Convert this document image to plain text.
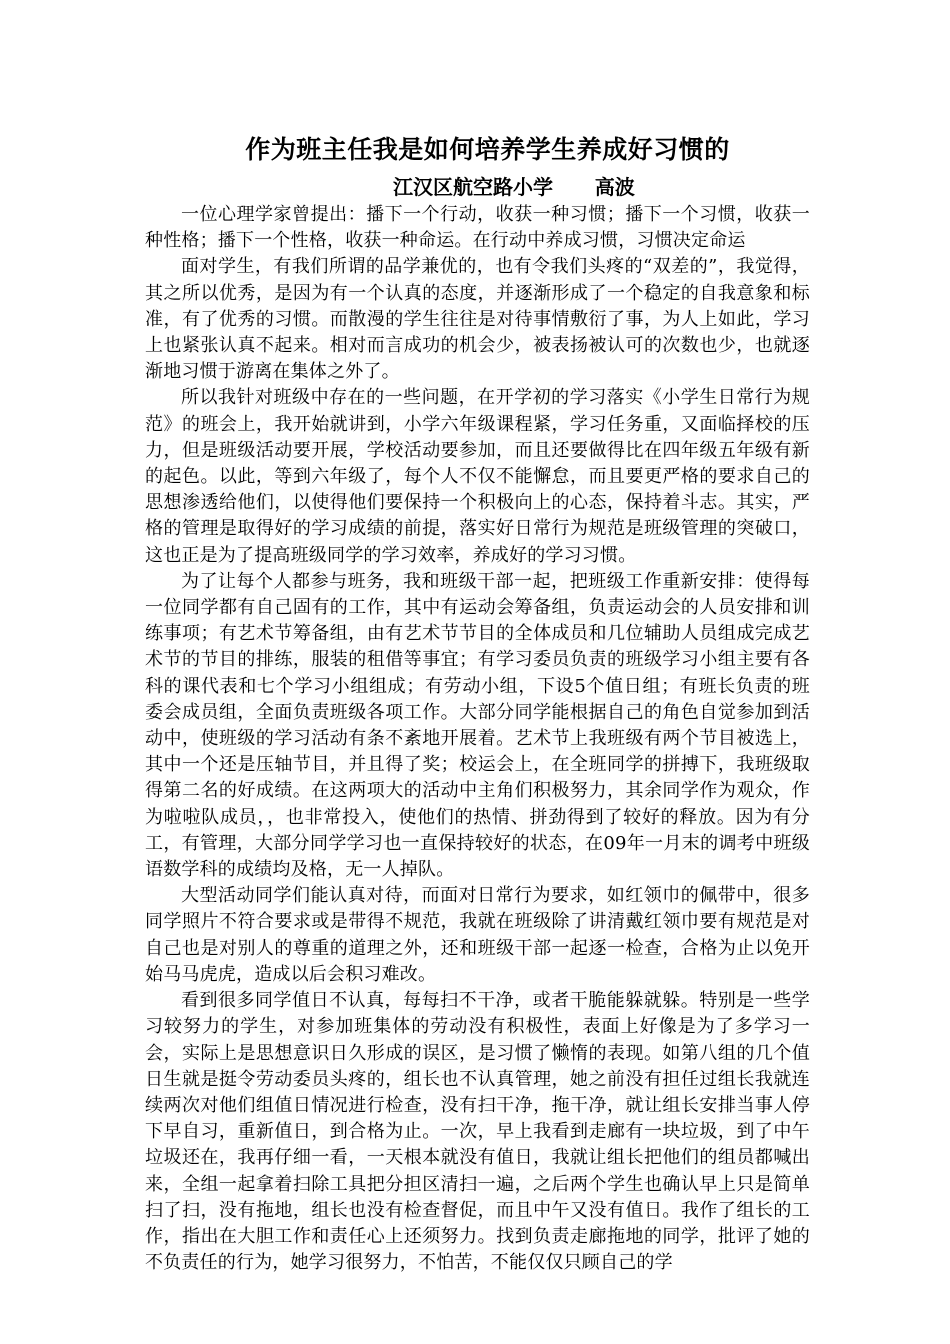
作为班主任我是如何培养学生养成好习惯的
江汉区航空路小学      高波

一位心理学家曾提出：播下一个行动，收获一种习惯；播下一个习惯，收获一种性格；播下一个性格，收获一种命运。在行动中养成习惯，习惯决定命运

面对学生，有我们所谓的品学兼优的，也有令我们头疼的“双差的”，我觉得，其之所以优秀，是因为有一个认真的态度，并逐渐形成了一个稳定的自我意象和标准，有了优秀的习惯。而散漫的学生往往是对待事情敷衍了事，为人上如此，学习上也紧张认真不起来。相对而言成功的机会少，被表扬被认可的次数也少，也就逐渐地习惯于游离在集体之外了。

所以我针对班级中存在的一些问题，在开学初的学习落实《小学生日常行为规范》的班会上，我开始就讲到，小学六年级课程紧，学习任务重，又面临择校的压力，但是班级活动要开展，学校活动要参加，而且还要做得比在四年级五年级有新的起色。以此，等到六年级了，每个人不仅不能懈怠，而且要更严格的要求自己的思想渗透给他们，以使得他们要保持一个积极向上的心态，保持着斗志。其实，严格的管理是取得好的学习成绩的前提，落实好日常行为规范是班级管理的突破口，这也正是为了提高班级同学的学习效率，养成好的学习习惯。

为了让每个人都参与班务，我和班级干部一起，把班级工作重新安排：使得每一位同学都有自己固有的工作，其中有运动会筹备组，负责运动会的人员安排和训练事项；有艺术节筹备组，由有艺术节节目的全体成员和几位辅助人员组成完成艺术节的节目的排练，服装的租借等事宜；有学习委员负责的班级学习小组主要有各科的课代表和七个学习小组组成；有劳动小组，下设5个值日组；有班长负责的班委会成员组，全面负责班级各项工作。大部分同学能根据自己的角色自觉参加到活动中，使班级的学习活动有条不紊地开展着。艺术节上我班级有两个节目被选上，其中一个还是压轴节目，并且得了奖；校运会上，在全班同学的拼搏下，我班级取得第二名的好成绩。在这两项大的活动中主角们积极努力，其余同学作为观众，作为啦啦队成员，，也非常投入，使他们的热情、拼劲得到了较好的释放。因为有分工，有管理，大部分同学学习也一直保持较好的状态，在09年一月末的调考中班级语数学科的成绩均及格，无一人掉队。

大型活动同学们能认真对待，而面对日常行为要求，如红领巾的佩带中，很多同学照片不符合要求或是带得不规范，我就在班级除了讲清戴红领巾要有规范是对自己也是对别人的尊重的道理之外，还和班级干部一起逐一检查，合格为止以免开始马马虎虎，造成以后会积习难改。

看到很多同学值日不认真，每每扫不干净，或者干脆能躲就躲。特别是一些学习较努力的学生，对参加班集体的劳动没有积极性，表面上好像是为了多学习一会，实际上是思想意识日久形成的误区，是习惯了懒惰的表现。如第八组的几个值日生就是挺令劳动委员头疼的，组长也不认真管理，她之前没有担任过组长我就连续两次对他们组值日情况进行检查，没有扫干净，拖干净，就让组长安排当事人停下早自习，重新值日，到合格为止。一次，早上我看到走廊有一块垃圾，到了中午垃圾还在，我再仔细一看，一天根本就没有值日，我就让组长把他们的组员都喊出来，全组一起拿着扫除工具把分担区清扫一遍，之后两个学生也确认早上只是简单扫了扫，没有拖地，组长也没有检查督促，而且中午又没有值日。我作了组长的工作，指出在大胆工作和责任心上还须努力。找到负责走廊拖地的同学，批评了她的不负责任的行为，她学习很努力，不怕苦，不能仅仅只顾自己的学
